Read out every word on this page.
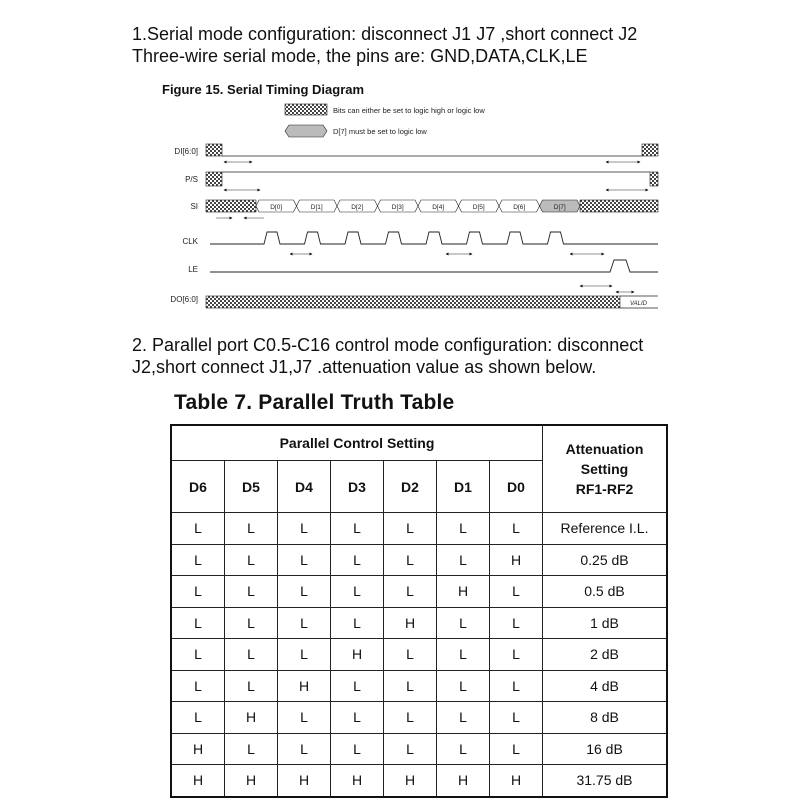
1.Serial mode configuration: disconnect J1 J7 ,short connect J2
Three-wire serial mode, the pins are: GND,DATA,CLK,LE

Figure 15. Serial Timing Diagram
Bits can either be set to logic high or logic low
D[7] must be set to logic low
DI[6:0]
P/S
SI
CLK
LE
DO[6:0]
D[0]	D[1]	D[2]	D[3]	D[4]	D[5]	D[6]	D[7]
VALID

2. Parallel port C0.5-C16 control mode configuration: disconnect
J2,short connect J1,J7 .attenuation value as shown below.

Table 7. Parallel Truth Table
Parallel Control Setting							Attenuation
Setting
RF1-RF2
D6	D5	D4	D3	D2	D1	D0	
L	L	L	L	L	L	L	Reference I.L.
L	L	L	L	L	L	H	0.25 dB
L	L	L	L	L	H	L	0.5 dB
L	L	L	L	H	L	L	1 dB
L	L	L	H	L	L	L	2 dB
L	L	H	L	L	L	L	4 dB
L	H	L	L	L	L	L	8 dB
H	L	L	L	L	L	L	16 dB
H	H	H	H	H	H	H	31.75 dB
